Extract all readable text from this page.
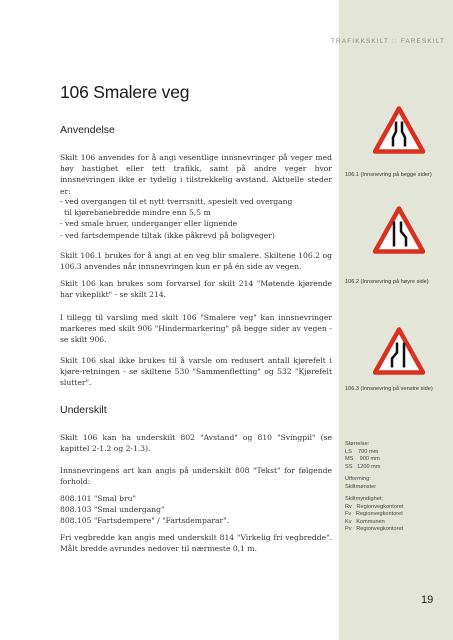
TRAFIKKSKILT :: FARESKILT
106 Smalere veg
Anvendelse

Skilt 106 anvendes for å angi vesentlige innsnevringer på veger med høy hastighet eller tett trafikk, samt på andre veger hvor innsnevringen ikke er tydelig i tilstrekkelig avstand. Aktuelle steder er:

- ved overgangen til et nytt tverrsnitt, spesielt ved overgang
til kjørebanebredde mindre enn 5,5 m
- ved smale bruer, underganger eller lignende
- ved fartsdempende tiltak (ikke påkrevd på boligveger)

Skilt 106.1 brukes for å angi at en veg blir smalere. Skiltene 106.2 og 106.3 anvendes når innsnevringen kun er på én side av vegen.

Skilt 106 kan brukes som forvarsel for skilt 214 "Møtende kjørende har vikeplikt" - se skilt 214.

I tillegg til varsling med skilt 106 "Smalere veg" kan innsnevringer markeres med skilt 906 "Hindermarkering" på begge sider av vegen - se skilt 906.

Skilt 106 skal ikke brukes til å varsle om redusert antall kjørefelt i kjøre-retningen - se skiltene 530 "Sammenfletting" og 532 "Kjørefelt slutter".

Underskilt

Skilt 106 kan ha underskilt 802 "Avstand" og 810 "Svingpil" (se kapittel 2-1.2 og 2-1.3).

Innsnevringens art kan angis på underskilt 808 "Tekst" for følgende forhold:

808.101 "Smal bru"
808.103 "Smal undergang"
808.105 "Fartsdempere" / "Fartsdemparar".

Fri vegbredde kan angis med underskilt 814 "Virkelig fri vegbredde". Målt bredde avrundes nedover til nærmeste 0,1 m.

106.1 (Innsnevring på begge sider)
106.2 (Innsnevring på høyre side)
106.3 (Innsnevring på venstre side)
Størrelse:
LS    700 mm
MS    900 mm
SS   1200 mm
Utforming:
Skiltmønster
Skiltmyndighet:
Rv   Regionvegkontoret
Fv   Regionvegkontoret
Kv   Kommunen
Pv   Regionvegkontoret
19
